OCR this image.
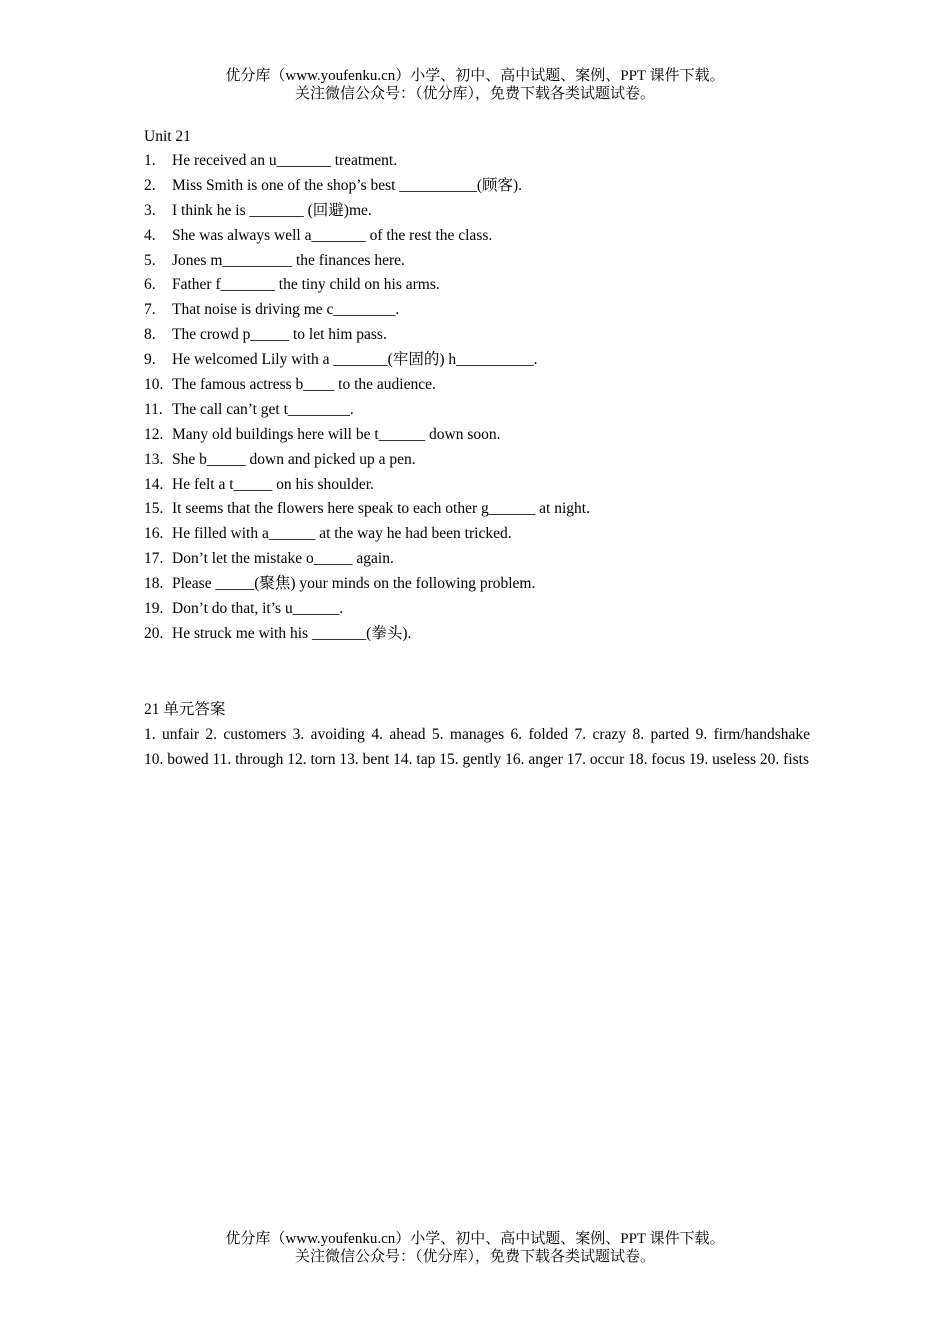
优分库（www.youfenku.cn）小学、初中、高中试题、案例、PPT 课件下载。
关注微信公众号：（优分库），免费下载各类试题试卷。
Unit 21
1. He received an u_______ treatment.
2. Miss Smith is one of the shop’s best __________(顾客).
3. I think he is _______ (回避)me.
4. She was always well a_______ of the rest the class.
5. Jones m_________ the finances here.
6. Father f_______ the tiny child on his arms.
7. That noise is driving me c________.
8. The crowd p_____ to let him pass.
9. He welcomed Lily with a _______(牢固的) h__________.
10. The famous actress b____ to the audience.
11. The call can’t get t________.
12. Many old buildings here will be t______ down soon.
13. She b_____ down and picked up a pen.
14. He felt a t_____ on his shoulder.
15. It seems that the flowers here speak to each other g______ at night.
16. He filled with a______ at the way he had been tricked.
17. Don’t let the mistake o_____ again.
18. Please _____(聚焦) your minds on the following problem.
19. Don’t do that, it’s u______.
20. He struck me with his _______(拳头).
21 单元答案
1. unfair 2. customers 3. avoiding 4. ahead 5. manages 6. folded 7. crazy 8. parted 9. firm/handshake 10. bowed 11. through 12. torn 13. bent 14. tap 15. gently 16. anger 17. occur 18. focus 19. useless 20. fists
优分库（www.youfenku.cn）小学、初中、高中试题、案例、PPT 课件下载。
关注微信公众号：（优分库），免费下载各类试题试卷。
